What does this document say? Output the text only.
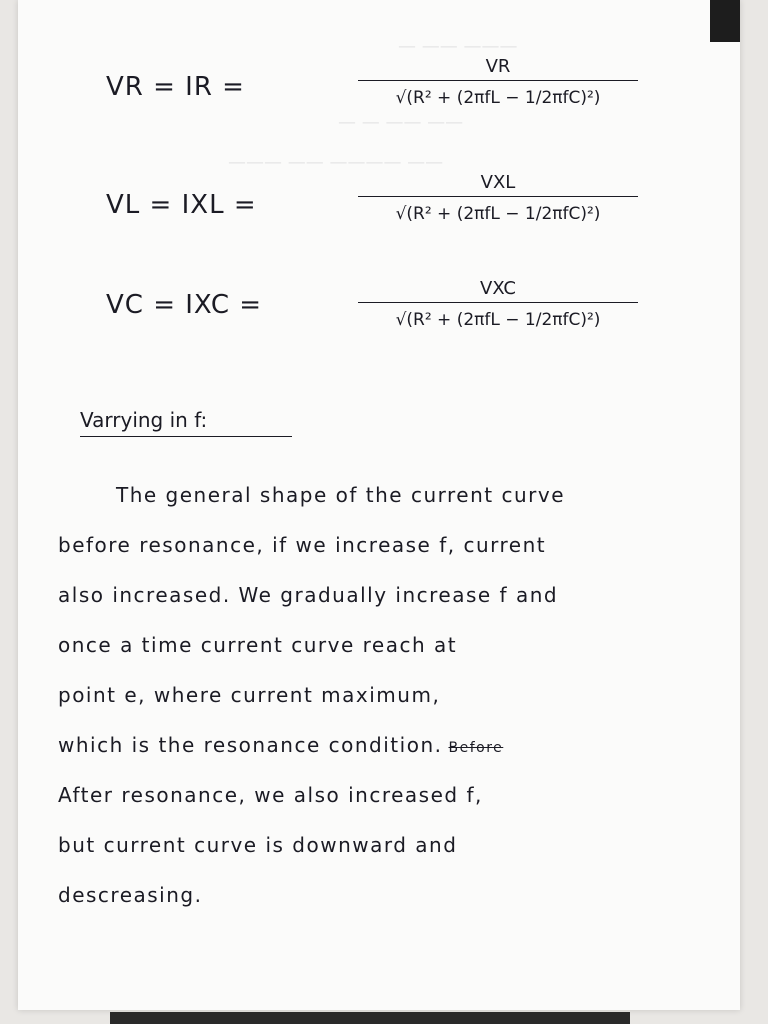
— —— ———
— — —— ——
——— —— ———— ——
VR = IR =
VR
√(R² + (2πfL − 1/2πfC)²)
VL = IXL =
VXL
√(R² + (2πfL − 1/2πfC)²)
VC = IXC =
VXC
√(R² + (2πfL − 1/2πfC)²)
Varrying in f:
The general shape of the current curve
before resonance, if we increase f, current
also increased. We gradually increase f and
once a time current curve reach at
point e, where current maximum,
which is the resonance condition. Before
After resonance, we also increased f,
but current curve is downward and
descreasing.
